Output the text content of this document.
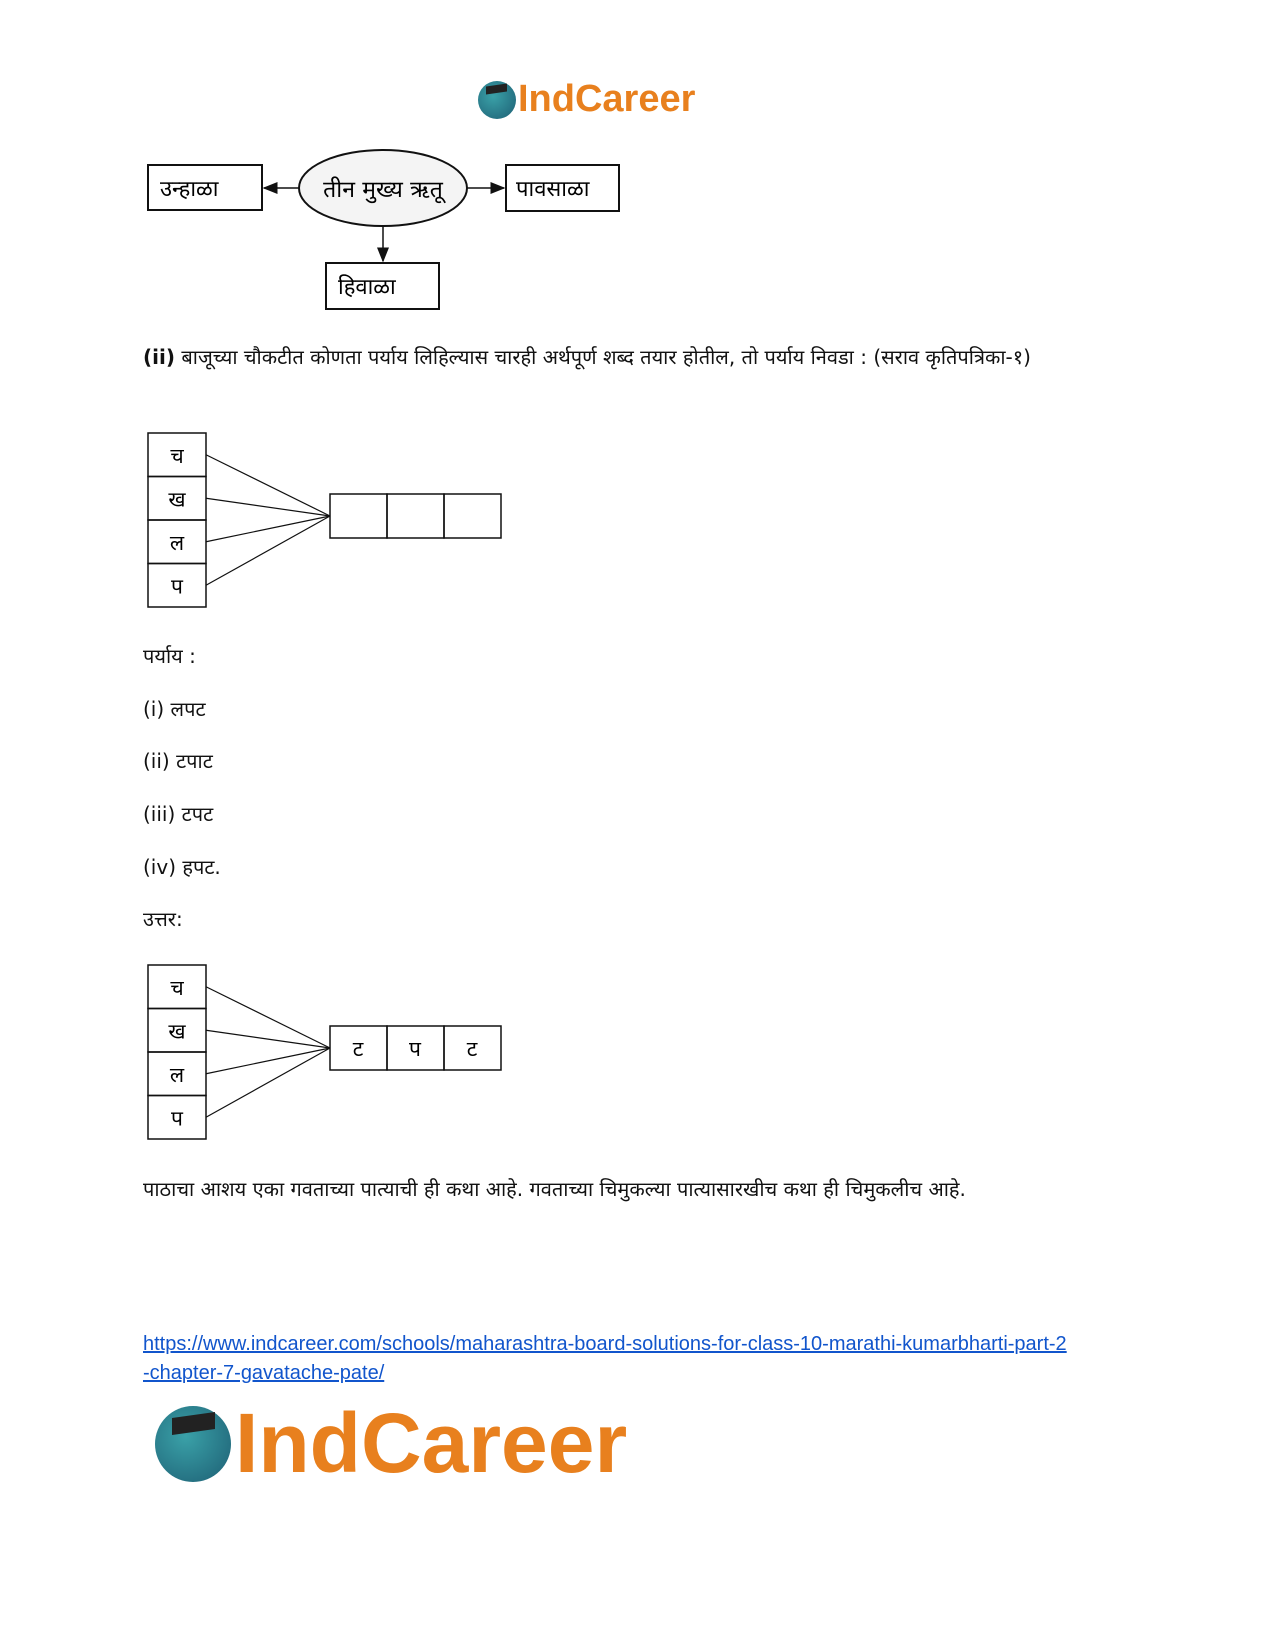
IndCareer
तीन मुख्य ऋतू
उन्हाळा	पावसाळा
हिवाळा
(ii) बाजूच्या चौकटीत कोणता पर्याय लिहिल्यास चारही अर्थपूर्ण शब्द तयार होतील, तो पर्याय निवडा : (सराव कृतिपत्रिका-१)
च
ख
ल
प
पर्याय :
(i) लपट
(ii) टपाट
(iii) टपट
(iv) हपट.
उत्तर:
च
ख
ल
प
ट प ट
पाठाचा आशय एका गवताच्या पात्याची ही कथा आहे. गवताच्या चिमुकल्या पात्यासारखीच कथा ही चिमुकलीच आहे.
https://www.indcareer.com/schools/maharashtra-board-solutions-for-class-10-marathi-kumarbharti-part-2-chapter-7-gavatache-pate/
IndCareer
